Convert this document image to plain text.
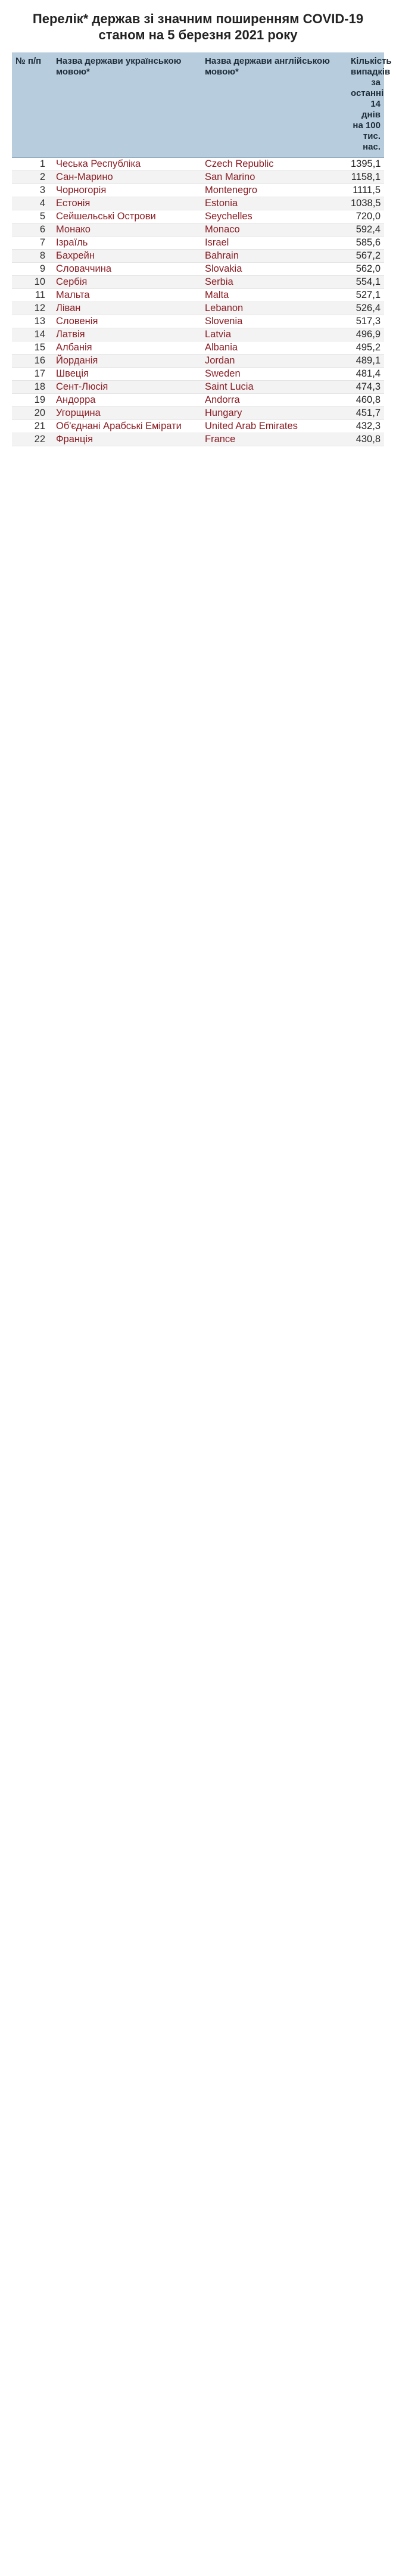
Перелік* держав зі значним поширенням COVID-19
станом на 5 березня 2021 року
№ п/п	Назва держави українською мовою*	Назва держави англійською мовою*	Кількість випадків за останні 14 днів на 100 тис. нас.
1	Чеська Республіка	Czech Republic	1395,1
2	Сан-Марино	San Marino	1158,1
3	Чорногорія	Montenegro	1111,5
4	Естонія	Estonia	1038,5
5	Сейшельські Острови	Seychelles	720,0
6	Монако	Monaco	592,4
7	Ізраїль	Israel	585,6
8	Бахрейн	Bahrain	567,2
9	Словаччина	Slovakia	562,0
10	Сербія	Serbia	554,1
11	Мальта	Malta	527,1
12	Ліван	Lebanon	526,4
13	Словенія	Slovenia	517,3
14	Латвія	Latvia	496,9
15	Албанія	Albania	495,2
16	Йорданія	Jordan	489,1
17	Швеція	Sweden	481,4
18	Сент-Люсія	Saint Lucia	474,3
19	Андорра	Andorra	460,8
20	Угорщина	Hungary	451,7
21	Об'єднані Арабські Емірати	United Arab Emirates	432,3
22	Франція	France	430,8
